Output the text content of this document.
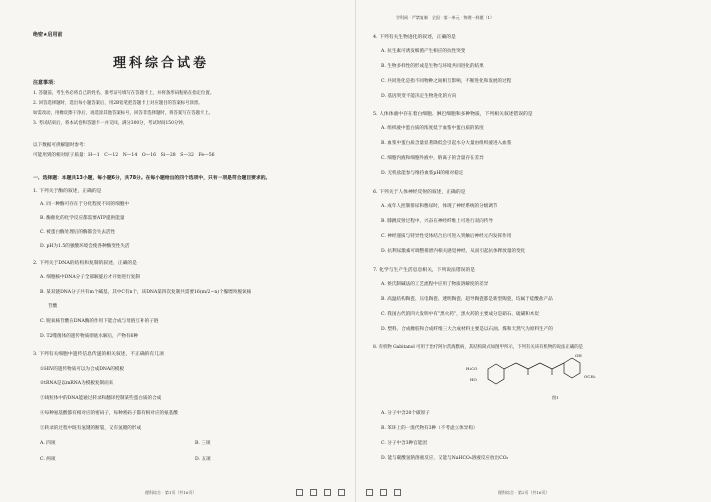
学科网 · 严禁复制　全国 · 第一单元 · 物理一样题（1）
绝密★启用前
理科综合试卷
注意事项：
1. 答题前，考生务必将自己的姓名、准考证号填写在答题卡上，并将条形码粘贴在指定位置。
2. 回答选择题时，选出每小题答案后，用2B铅笔把答题卡上对应题目的答案标号涂黑。
如需改动，用橡皮擦干净后，再选涂其他答案标号，回答非选择题时，将答案写在答题卡上。
3. 考试结束后，将本试卷和答题卡一并交回。满分300分，考试时间150分钟。
以下数据可供解题时参考：
可能用到的相对原子质量：H—1　C—12　N—14　O—16　Si—28　S—32　Fe—56
一、选择题：本题共13小题，每小题6分，共78分。在每小题给出的四个选项中，只有一项是符合题目要求的。
1. 下列关于酶的叙述，正确的是
A. 同一种酶可存在于分化程度不同的细胞中
B. 酶催化的化学反应都需要ATP提供能量
C. 被蛋白酶处理后的酶都会失去活性
D. pH为1.5的强酸环境会使各种酶变性失活
2. 下列关于DNA的结构和复制的叙述，正确的是
A. 细胞核中DNA分子全部解旋后才开始进行复制
B. 某双链DNA分子共有m个碱基，其中C有n个，该DNA第四次复制共需要16(m/2−n)个腺嘌呤脱氧核
苷酸
C. 脱氧核苷酸在DNA酶的作用下能合成与母链互补的子链
D. T2噬菌体的遗传物质彻底水解后，产物有6种
3. 下列有关细胞中遗传信息传递的相关叙述，不正确的有几项
①HIV的遗传物质可以为合成DNA的模板
②tRNA是以mRNA为模板复制而来
③线粒体中的DNA能通过转录和翻译控制某些蛋白质的合成
④每种氨基酸都有相对应的密码子，每种密码子都有相对应的氨基酸
⑤转录的过程中既有氢键的断裂，又有氢键的形成
A. 四项	B. 三项
C. 两项	D. 五项
理科综合 · 第1页（共16页）	理科综合 · 第2页（共16页）
4. 下列有关生物进化的叙述，正确的是
A. 抗生素可诱发细菌产生相应的抗性突变
B. 生物多样性的形成是生物与环境共同进化的结果
C. 共同进化是指不同物种之间相互影响，不断进化和发展的过程
D. 基因突变不能决定生物进化的方向
5. 人体体液中存在着白细胞、淋巴细胞和多种物质，下列相关叙述错误的是
A. 组织液中蛋白质的浓度低于血浆中蛋白质的浓度
B. 血浆中蛋白质含量显著降低会引起水分大量由组织液进入血浆
C. 细胞内液和细胞外液中，钠离子的含量存在差异
D. 无机盐能参与维持血浆pH的相对稳定
6. 下列关于人体神经反射的叙述，正确的是
A. 成年人控制排尿和憋尿时，体现了神经系统的分级调节
B. 膝跳反射过程中，兴奋在神经纤维上可进行双向传导
C. 神经递质与特异性受体结合后可进入突触后神经元内发挥作用
D. 抗利尿激素可调整排泄内相关感觉神经，从而引起抗体释放量的变化
7. 化学与生产生活息息相关，下列说法错误的是
A. 侯氏制碱法的工艺流程中应用了物质溶解度的差异
B. 高温结构陶瓷、压电陶瓷、透明陶瓷、超导陶瓷都是新型陶瓷，均属于硅酸盐产品
C. 我国古代的四大发明中有“黑火药”，黑火药的主要成分是硝石、硫磺和木炭
D. 塑料、合成橡胶和合成纤维三大合成材料主要是以石油、煤和天然气为原料生产的
8. 有机物 Gabitanol 可用于治疗阿尔茨海默病，其结构简式如图甲所示，下列有关该有机物的说法正确的是
H₃CO
HO
OH
OCH₃
图1
A. 分子中含20个碳原子
B. 苯环上的一溴代物有3种（不考虑立体异构）
C. 分子中含3种官能团
D. 能与碳酸氢钠溶液反应，又能与NaHCO₃溶液反应放出CO₂
